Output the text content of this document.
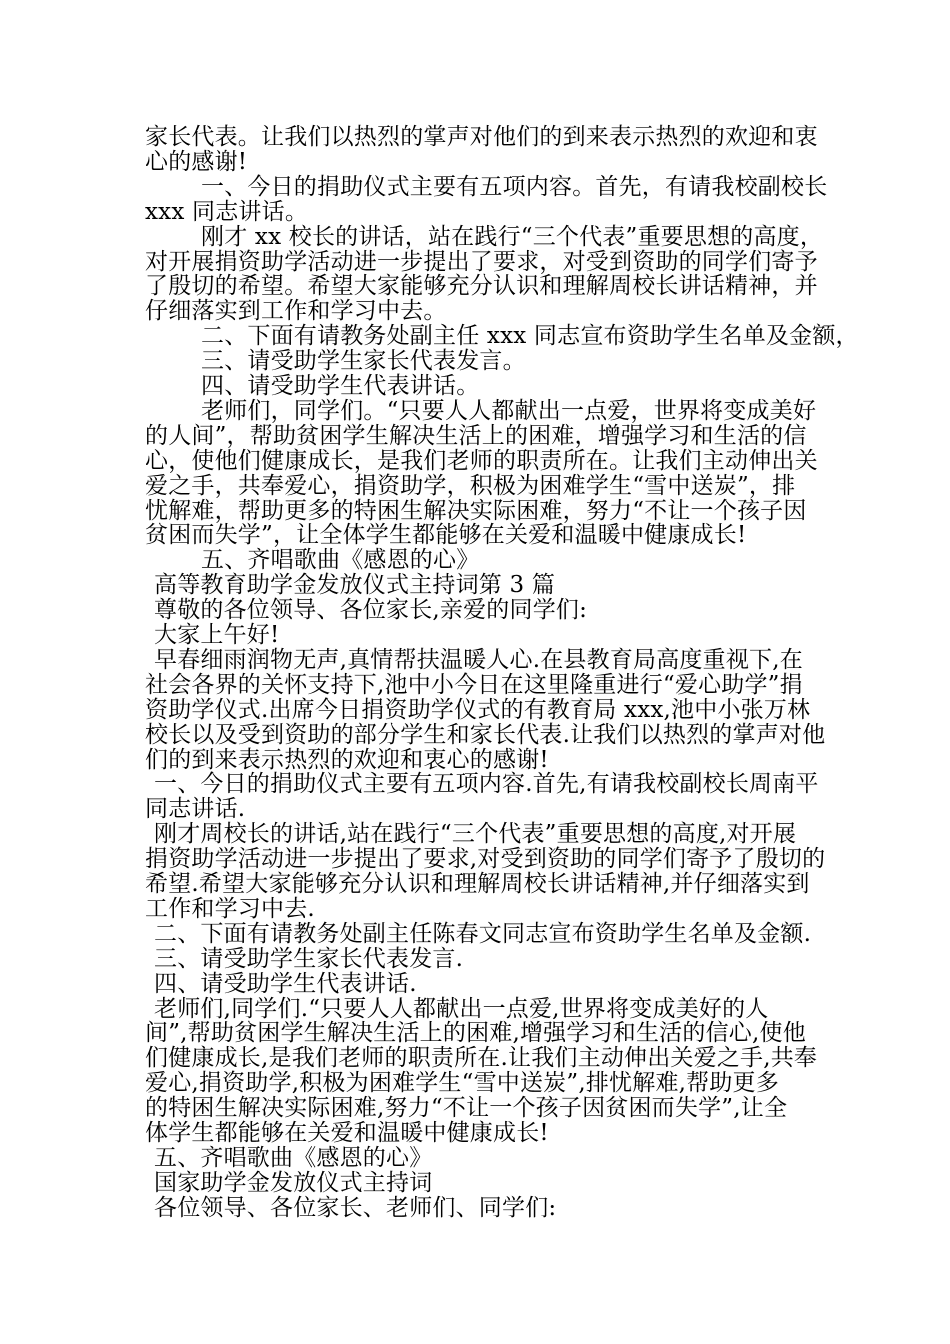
家长代表。让我们以热烈的掌声对他们的到来表示热烈的欢迎和衷
心的感谢!
一、今日的捐助仪式主要有五项内容。首先，有请我校副校长
xxx 同志讲话。
刚才 xx 校长的讲话，站在践行“三个代表”重要思想的高度，
对开展捐资助学活动进一步提出了要求，对受到资助的同学们寄予
了殷切的希望。希望大家能够充分认识和理解周校长讲话精神，并
仔细落实到工作和学习中去。
二、下面有请教务处副主任 xxx 同志宣布资助学生名单及金额，
三、请受助学生家长代表发言。
四、请受助学生代表讲话。
老师们，同学们。“只要人人都献出一点爱，世界将变成美好
的人间”，帮助贫困学生解决生活上的困难，增强学习和生活的信
心，使他们健康成长，是我们老师的职责所在。让我们主动伸出关
爱之手，共奉爱心，捐资助学，积极为困难学生“雪中送炭”，排
忧解难，帮助更多的特困生解决实际困难，努力“不让一个孩子因
贫困而失学”，让全体学生都能够在关爱和温暖中健康成长!
五、齐唱歌曲《感恩的心》
高等教育助学金发放仪式主持词第 3 篇
尊敬的各位领导、各位家长,亲爱的同学们:
大家上午好!
早春细雨润物无声,真情帮扶温暖人心.在县教育局高度重视下,在
社会各界的关怀支持下,池中小今日在这里隆重进行“爱心助学”捐
资助学仪式.出席今日捐资助学仪式的有教育局 xxx,池中小张万林
校长以及受到资助的部分学生和家长代表.让我们以热烈的掌声对他
们的到来表示热烈的欢迎和衷心的感谢!
一、今日的捐助仪式主要有五项内容.首先,有请我校副校长周南平
同志讲话.
刚才周校长的讲话,站在践行“三个代表”重要思想的高度,对开展
捐资助学活动进一步提出了要求,对受到资助的同学们寄予了殷切的
希望.希望大家能够充分认识和理解周校长讲话精神,并仔细落实到
工作和学习中去.
二、下面有请教务处副主任陈春文同志宣布资助学生名单及金额.
三、请受助学生家长代表发言.
四、请受助学生代表讲话.
老师们,同学们.“只要人人都献出一点爱,世界将变成美好的人
间”,帮助贫困学生解决生活上的困难,增强学习和生活的信心,使他
们健康成长,是我们老师的职责所在.让我们主动伸出关爱之手,共奉
爱心,捐资助学,积极为困难学生“雪中送炭”,排忧解难,帮助更多
的特困生解决实际困难,努力“不让一个孩子因贫困而失学”,让全
体学生都能够在关爱和温暖中健康成长!
五、齐唱歌曲《感恩的心》
国家助学金发放仪式主持词
各位领导、各位家长、老师们、同学们:
